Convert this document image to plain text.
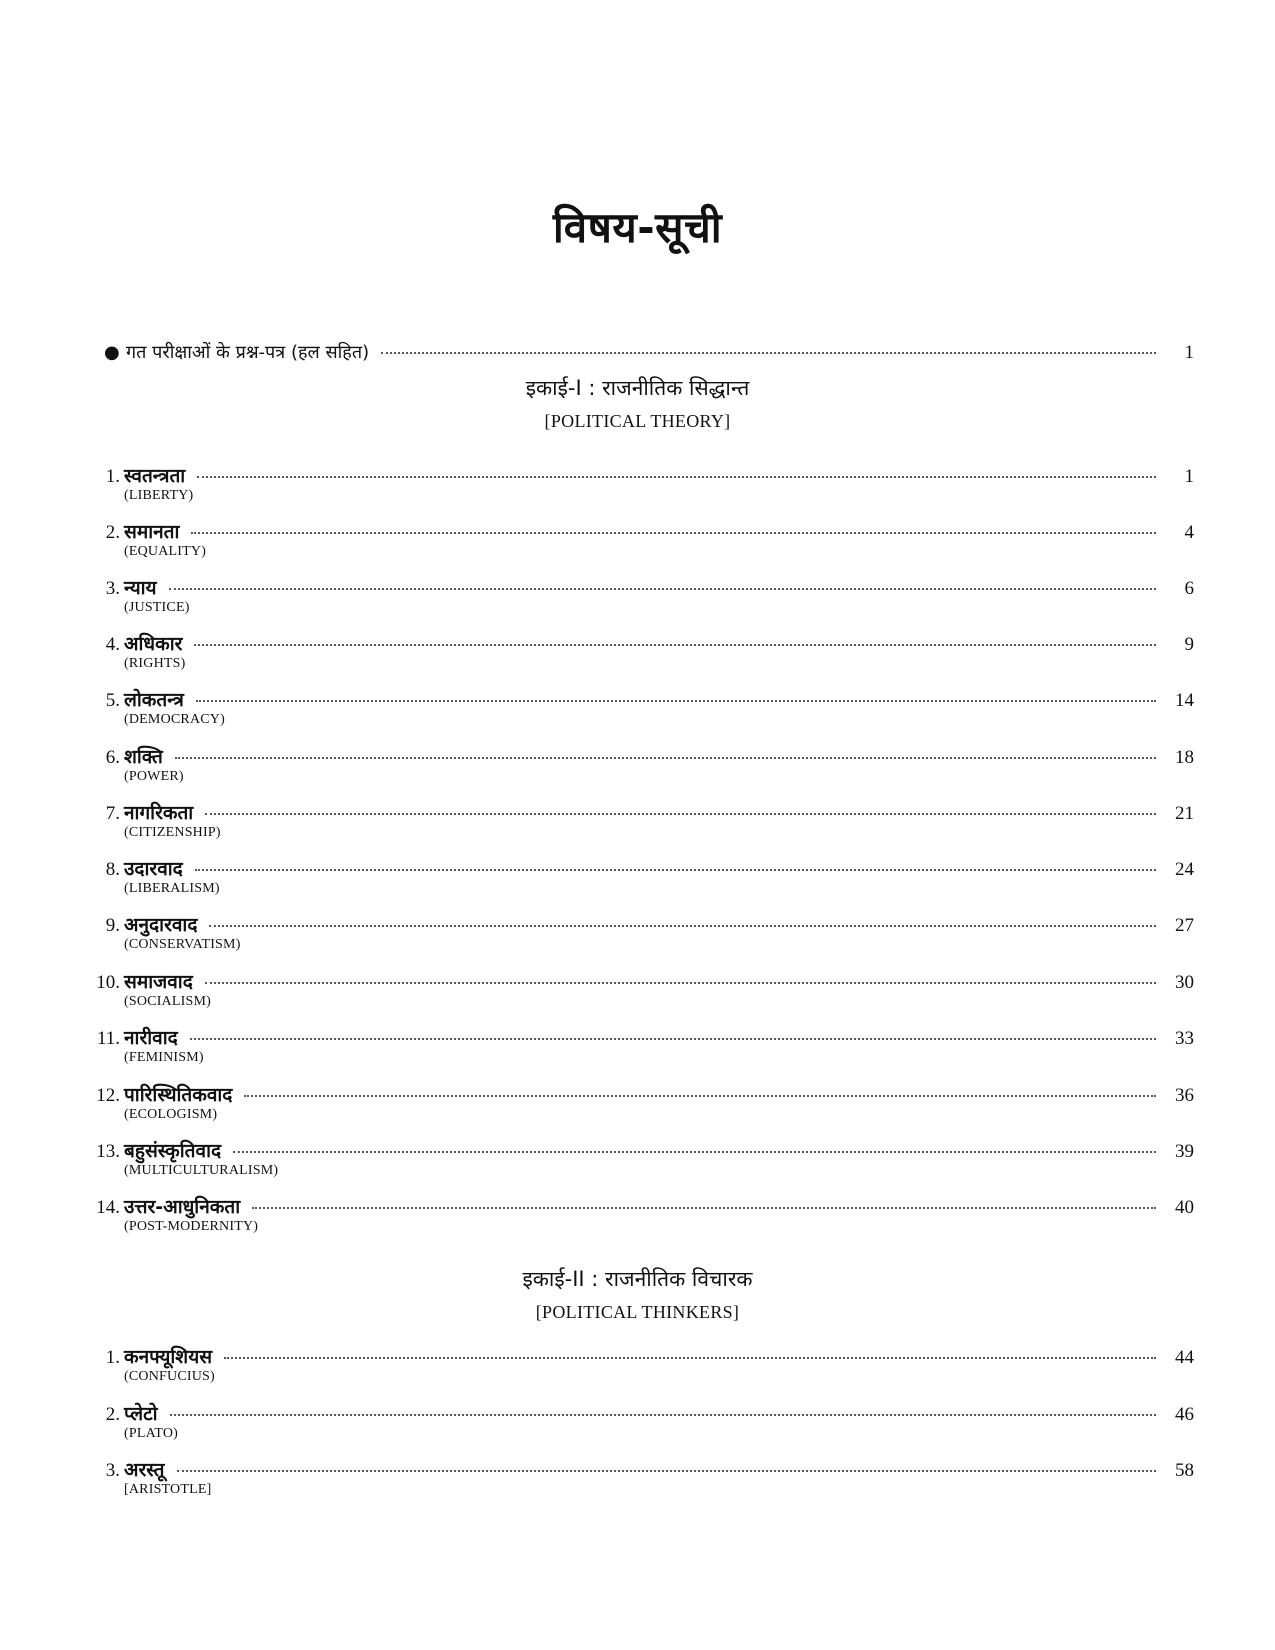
विषय-सूची
● गत परीक्षाओं के प्रश्न-पत्र (हल सहित)	1
इकाई-I : राजनीतिक सिद्धान्त
[POLITICAL THEORY]
1. स्वतन्त्रता	1
(LIBERTY)
2. समानता	4
(EQUALITY)
3. न्याय	6
(JUSTICE)
4. अधिकार	9
(RIGHTS)
5. लोकतन्त्र	14
(DEMOCRACY)
6. शक्ति	18
(POWER)
7. नागरिकता	21
(CITIZENSHIP)
8. उदारवाद	24
(LIBERALISM)
9. अनुदारवाद	27
(CONSERVATISM)
10. समाजवाद	30
(SOCIALISM)
11. नारीवाद	33
(FEMINISM)
12. पारिस्थितिकवाद	36
(ECOLOGISM)
13. बहुसंस्कृतिवाद	39
(MULTICULTURALISM)
14. उत्तर-आधुनिकता	40
(POST-MODERNITY)
इकाई-II : राजनीतिक विचारक
[POLITICAL THINKERS]
1. कनफ्यूशियस	44
(CONFUCIUS)
2. प्लेटो	46
(PLATO)
3. अरस्तू	58
[ARISTOTLE]
